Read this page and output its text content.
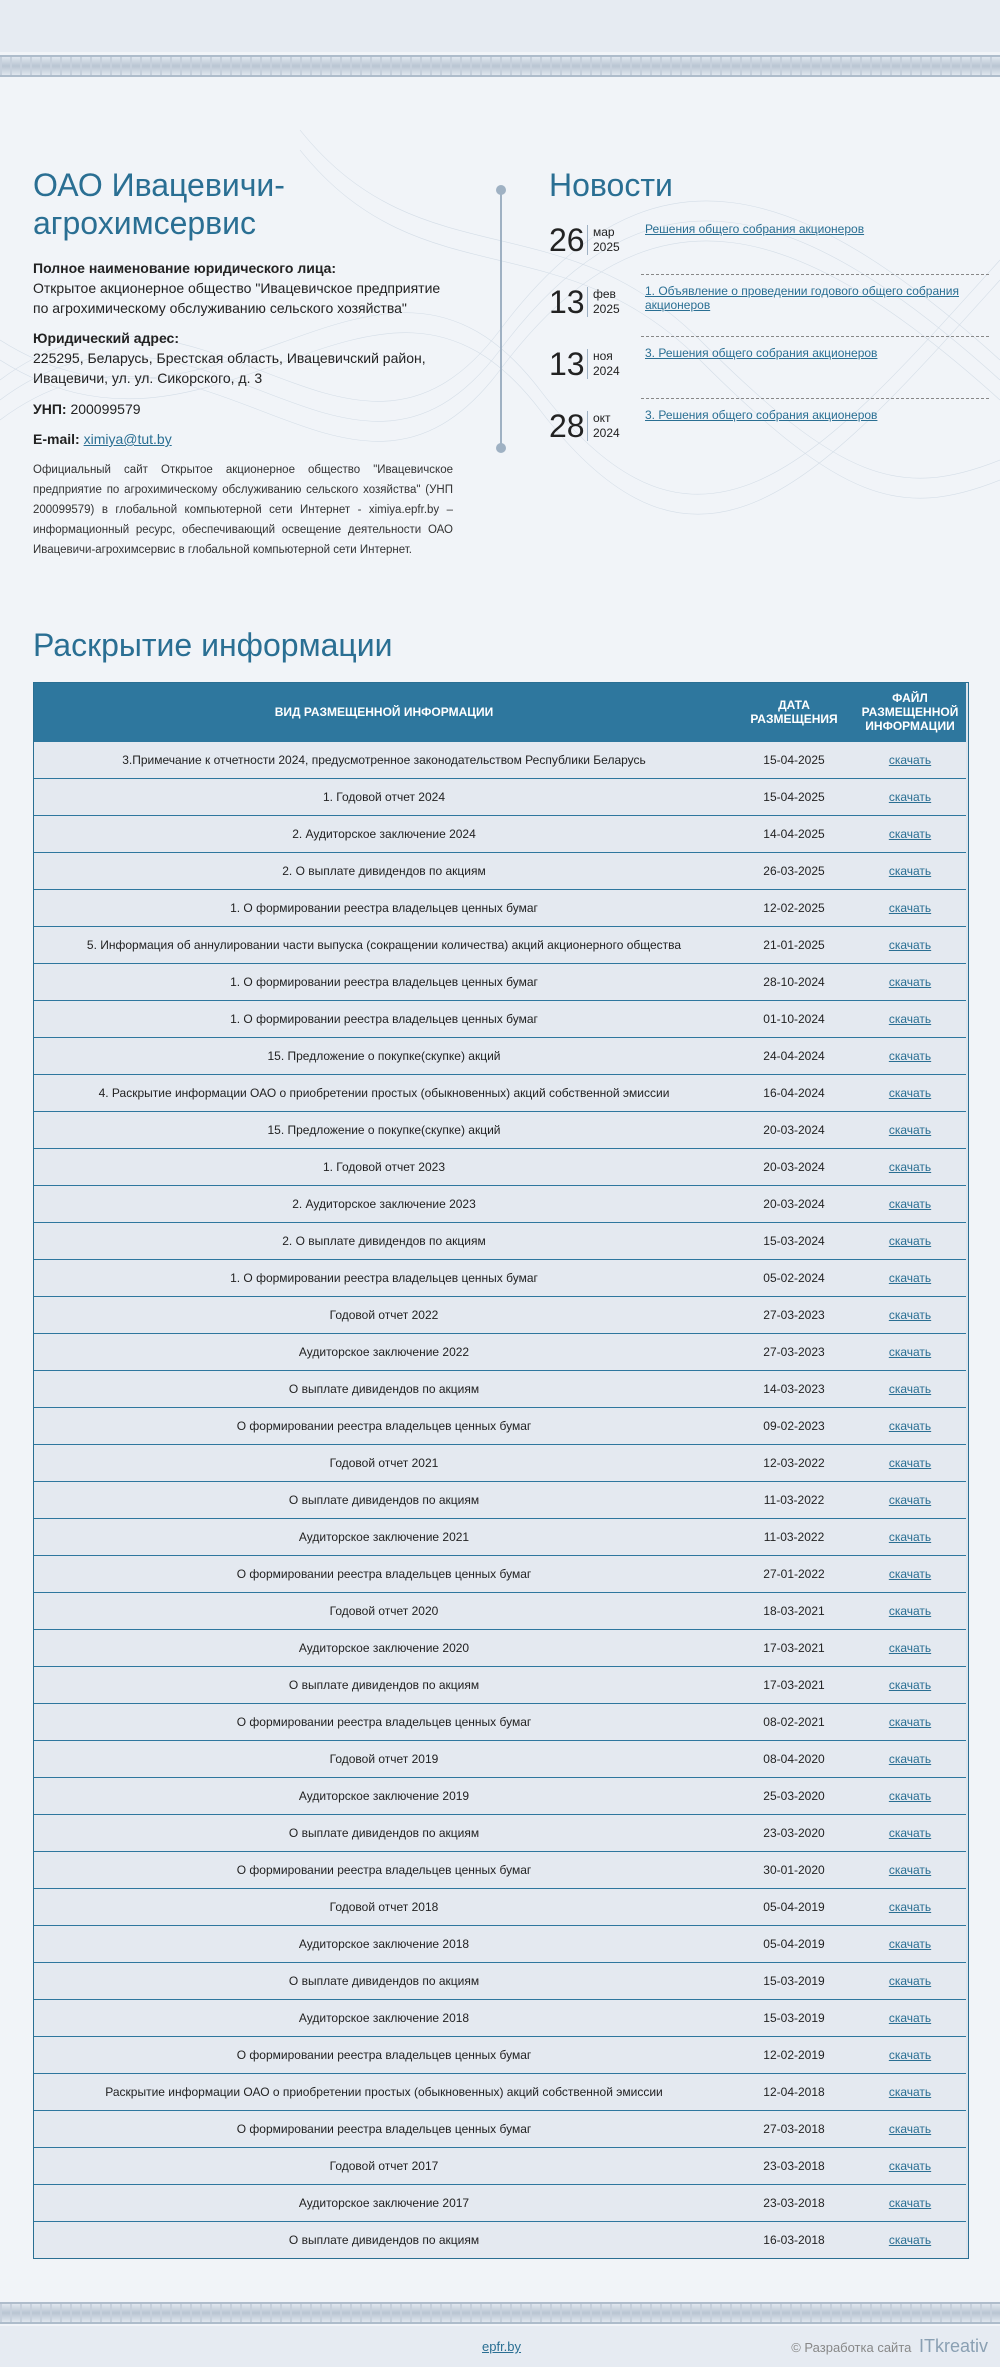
ОАО Ивацевичи-агрохимсервис
Полное наименование юридического лица:
Открытое акционерное общество "Ивацевичское предприятие по агрохимическому обслуживанию сельского хозяйства"
Юридический адрес:
225295, Беларусь, Брестская область, Ивацевичский район, Ивацевичи, ул. ул. Сикорского, д. 3
УНП: 200099579
E-mail: ximiya@tut.by
Официальный сайт Открытое акционерное общество "Ивацевичское предприятие по агрохимическому обслуживанию сельского хозяйства" (УНП 200099579) в глобальной компьютерной сети Интернет - ximiya.epfr.by – информационный ресурс, обеспечивающий освещение деятельности ОАО Ивацевичи-агрохимсервис в глобальной компьютерной сети Интернет.
Новости
26 мар
2025
Решения общего собрания акционеров
13 фев
2025
1. Объявление о проведении годового общего собрания акционеров
13 ноя
2024
3. Решения общего собрания акционеров
28 окт
2024
3. Решения общего собрания акционеров
Раскрытие информации
ВИД РАЗМЕЩЕННОЙ ИНФОРМАЦИИ	ДАТА РАЗМЕЩЕНИЯ	ФАЙЛ РАЗМЕЩЕННОЙ ИНФОРМАЦИИ
3.Примечание к отчетности 2024, предусмотренное законодательством Республики Беларусь	15-04-2025	скачать
1. Годовой отчет 2024	15-04-2025	скачать
2. Аудиторское заключение 2024	14-04-2025	скачать
2. О выплате дивидендов по акциям	26-03-2025	скачать
1. О формировании реестра владельцев ценных бумаг	12-02-2025	скачать
5. Информация об аннулировании части выпуска (сокращении количества) акций акционерного общества	21-01-2025	скачать
1. О формировании реестра владельцев ценных бумаг	28-10-2024	скачать
1. О формировании реестра владельцев ценных бумаг	01-10-2024	скачать
15. Предложение о покупке(скупке) акций	24-04-2024	скачать
4. Раскрытие информации ОАО о приобретении простых (обыкновенных) акций собственной эмиссии	16-04-2024	скачать
15. Предложение о покупке(скупке) акций	20-03-2024	скачать
1. Годовой отчет 2023	20-03-2024	скачать
2. Аудиторское заключение 2023	20-03-2024	скачать
2. О выплате дивидендов по акциям	15-03-2024	скачать
1. О формировании реестра владельцев ценных бумаг	05-02-2024	скачать
Годовой отчет 2022	27-03-2023	скачать
Аудиторское заключение 2022	27-03-2023	скачать
О выплате дивидендов по акциям	14-03-2023	скачать
О формировании реестра владельцев ценных бумаг	09-02-2023	скачать
Годовой отчет 2021	12-03-2022	скачать
О выплате дивидендов по акциям	11-03-2022	скачать
Аудиторское заключение 2021	11-03-2022	скачать
О формировании реестра владельцев ценных бумаг	27-01-2022	скачать
Годовой отчет 2020	18-03-2021	скачать
Аудиторское заключение 2020	17-03-2021	скачать
О выплате дивидендов по акциям	17-03-2021	скачать
О формировании реестра владельцев ценных бумаг	08-02-2021	скачать
Годовой отчет 2019	08-04-2020	скачать
Аудиторское заключение 2019	25-03-2020	скачать
О выплате дивидендов по акциям	23-03-2020	скачать
О формировании реестра владельцев ценных бумаг	30-01-2020	скачать
Годовой отчет 2018	05-04-2019	скачать
Аудиторское заключение 2018	05-04-2019	скачать
О выплате дивидендов по акциям	15-03-2019	скачать
Аудиторское заключение 2018	15-03-2019	скачать
О формировании реестра владельцев ценных бумаг	12-02-2019	скачать
Раскрытие информации ОАО о приобретении простых (обыкновенных) акций собственной эмиссии	12-04-2018	скачать
О формировании реестра владельцев ценных бумаг	27-03-2018	скачать
Годовой отчет 2017	23-03-2018	скачать
Аудиторское заключение 2017	23-03-2018	скачать
О выплате дивидендов по акциям	16-03-2018	скачать
epfr.by	© Разработка сайта ITkreativ
